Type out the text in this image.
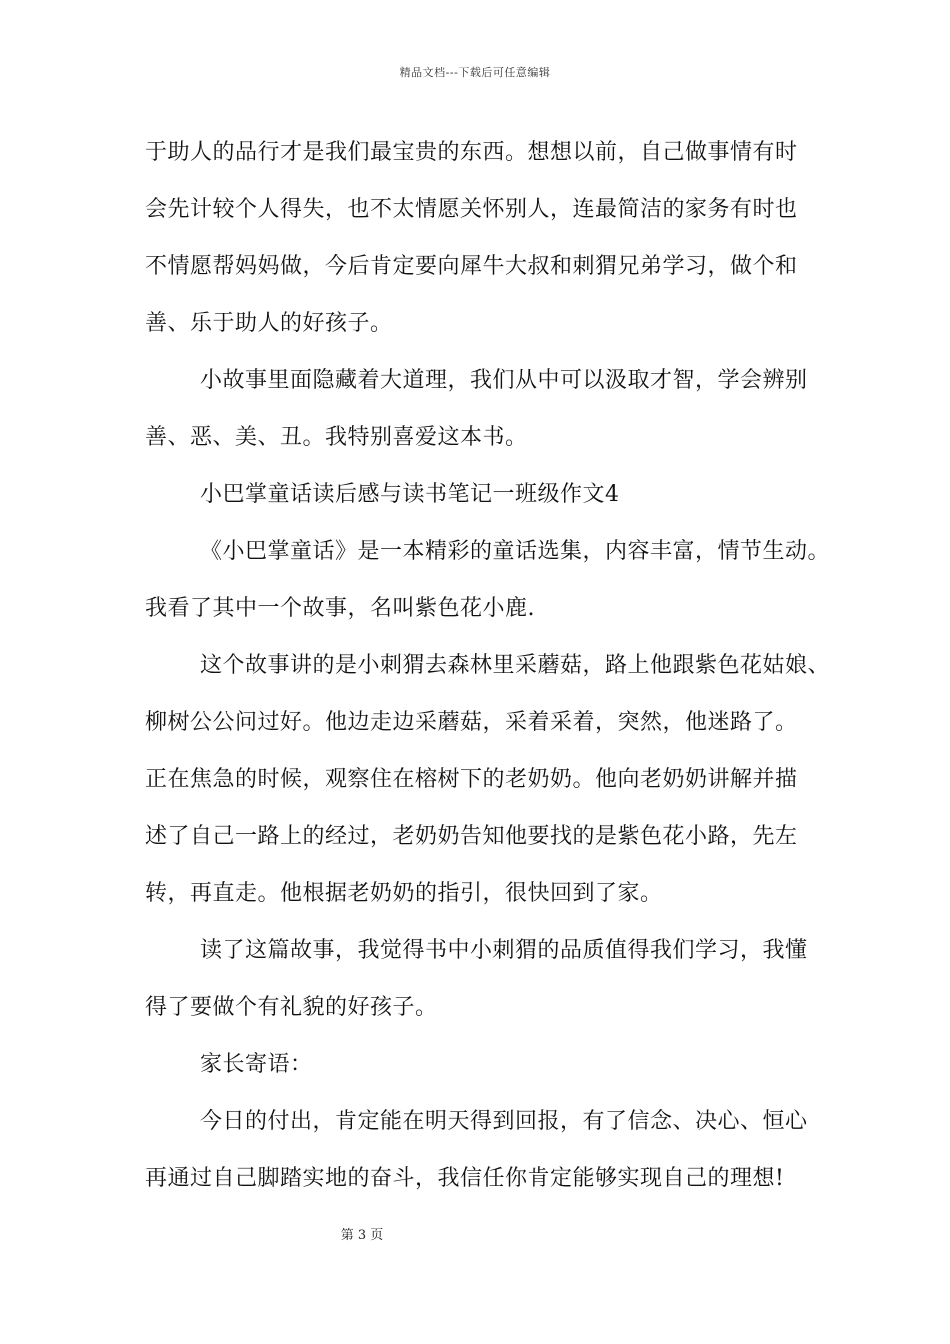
精品文档---下载后可任意编辑
于助人的品行才是我们最宝贵的东西。想想以前，自己做事情有时
会先计较个人得失，也不太情愿关怀别人，连最简洁的家务有时也
不情愿帮妈妈做，今后肯定要向犀牛大叔和刺猬兄弟学习，做个和
善、乐于助人的好孩子。
小故事里面隐藏着大道理，我们从中可以汲取才智，学会辨别
善、恶、美、丑。我特别喜爱这本书。
小巴掌童话读后感与读书笔记一班级作文4
《小巴掌童话》是一本精彩的童话选集，内容丰富，情节生动。
我看了其中一个故事，名叫紫色花小鹿.
这个故事讲的是小刺猬去森林里采蘑菇，路上他跟紫色花姑娘、
柳树公公问过好。他边走边采蘑菇，采着采着，突然，他迷路了。
正在焦急的时候，观察住在榕树下的老奶奶。他向老奶奶讲解并描
述了自己一路上的经过，老奶奶告知他要找的是紫色花小路，先左
转，再直走。他根据老奶奶的指引，很快回到了家。
读了这篇故事，我觉得书中小刺猬的品质值得我们学习，我懂
得了要做个有礼貌的好孩子。
家长寄语：
今日的付出，肯定能在明天得到回报，有了信念、决心、恒心
再通过自己脚踏实地的奋斗，我信任你肯定能够实现自己的理想!
第 3 页
